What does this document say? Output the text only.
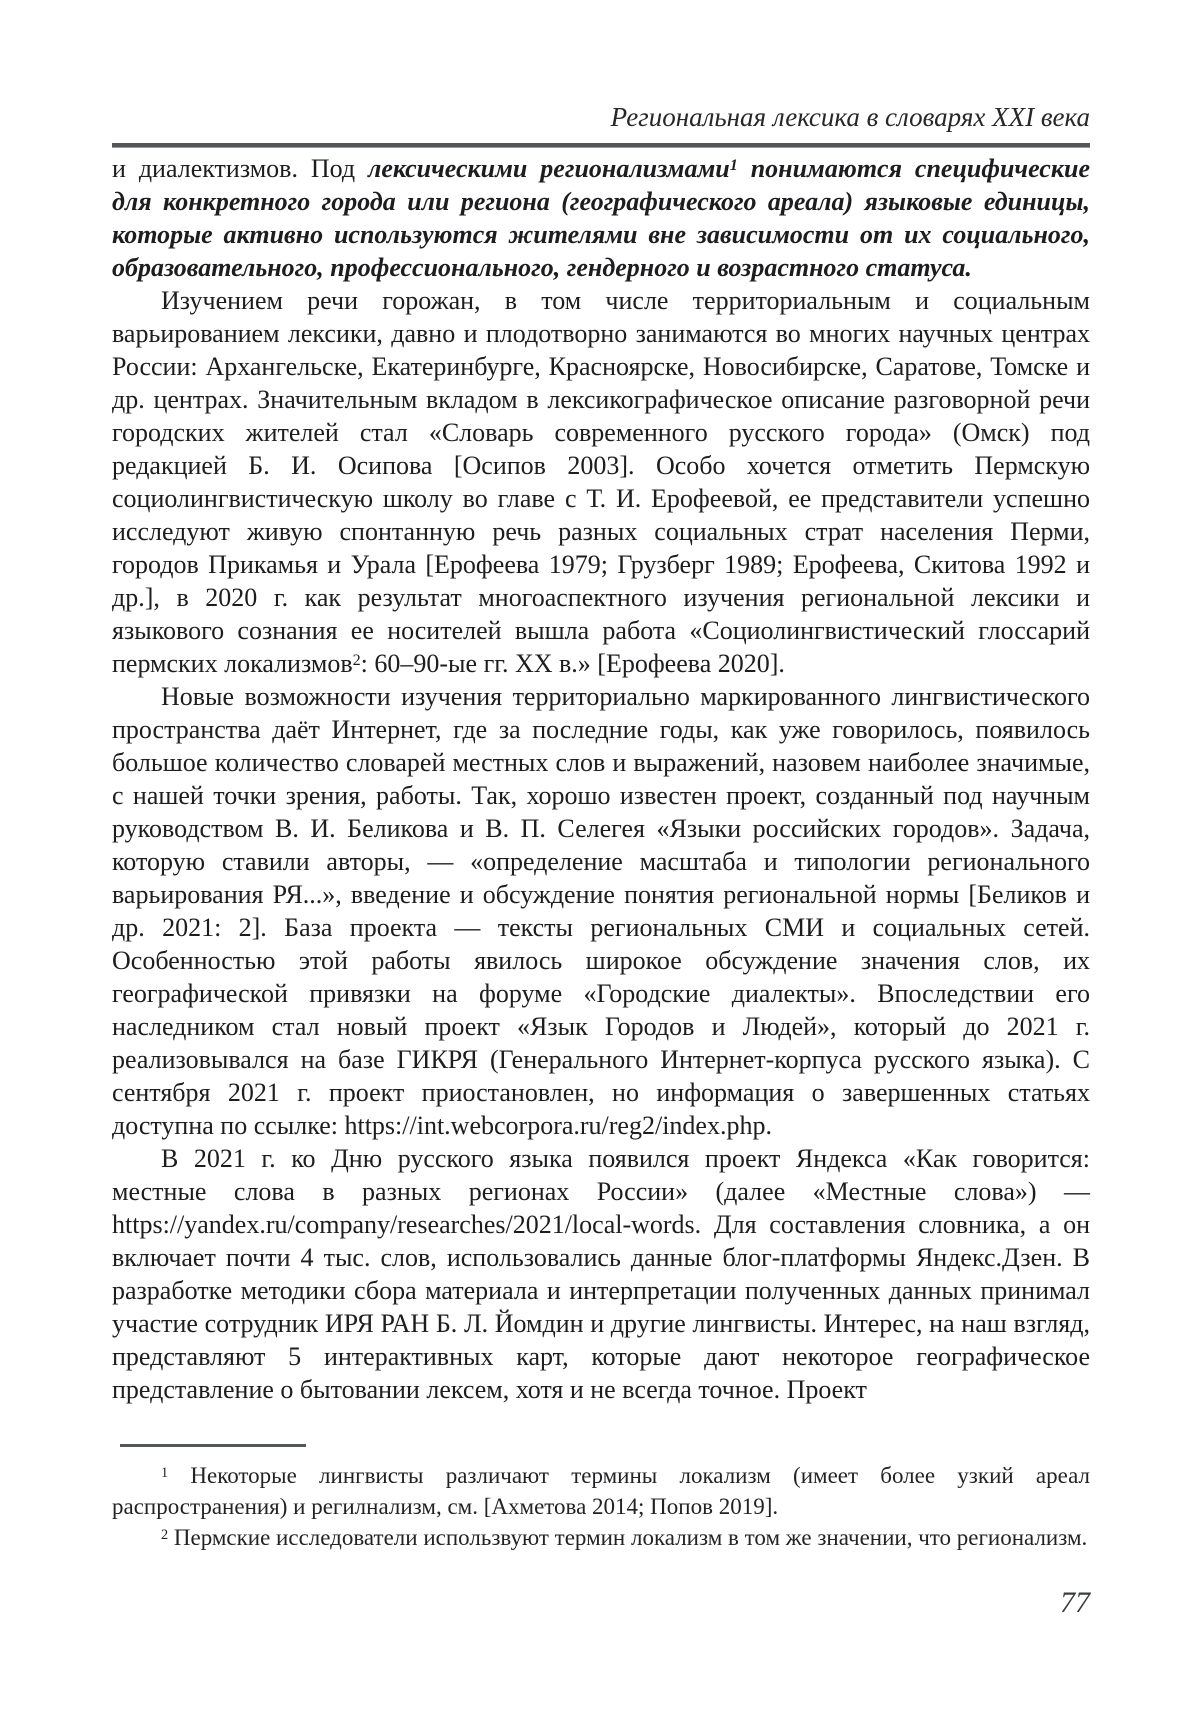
Региональная лексика в словарях XXI века

и диалектизмов. Под лексическими регионализмами$^1$ понимаются специфические для конкретного города или региона (географического ареала) языковые единицы, которые активно используются жителями вне зависимости от их социального, образовательного, профессионального, гендерного и возрастного статуса.

Изучением речи горожан, в том числе территориальным и социальным варьированием лексики, давно и плодотворно занимаются во многих научных центрах России: Архангельске, Екатеринбурге, Красноярске, Новосибирске, Саратове, Томске и др. центрах. Значительным вкладом в лексикографическое описание разговорной речи городских жителей стал «Словарь современного русского города» (Омск) под редакцией Б. И. Осипова [Осипов 2003]. Особо хочется отметить Пермскую социолингвистическую школу во главе с Т. И. Ерофеевой, ее представители успешно исследуют живую спонтанную речь разных социальных страт населения Перми, городов Прикамья и Урала [Ерофеева 1979; Грузберг 1989; Ерофеева, Скитова 1992 и др.], в 2020 г. как результат многоаспектного изучения региональной лексики и языкового сознания ее носителей вышла работа «Социолингвистический глоссарий пермских локализмов$^2$: 60–90-ые гг. XX в.» [Ерофеева 2020].

Новые возможности изучения территориально маркированного лингвистического пространства даёт Интернет, где за последние годы, как уже говорилось, появилось большое количество словарей местных слов и выражений, назовем наиболее значимые, с нашей точки зрения, работы. Так, хорошо известен проект, созданный под научным руководством В. И. Беликова и В. П. Селегея «Языки российских городов». Задача, которую ставили авторы, — «определение масштаба и типологии регионального варьирования РЯ...», введение и обсуждение понятия региональной нормы [Беликов и др. 2021: 2]. База проекта — тексты региональных СМИ и социальных сетей. Особенностью этой работы явилось широкое обсуждение значения слов, их географической привязки на форуме «Городские диалекты». Впоследствии его наследником стал новый проект «Язык Городов и Людей», который до 2021 г. реализовывался на базе ГИКРЯ (Генерального Интернет-корпуса русского языка). С сентября 2021 г. проект приостановлен, но информация о завершенных статьях доступна по ссылке: https://int.webcorpora.ru/reg2/index.php.

В 2021 г. ко Дню русского языка появился проект Яндекса «Как говорится: местные слова в разных регионах России» (далее «Местные слова») — https://yandex.ru/company/researches/2021/local-words. Для составления словника, а он включает почти 4 тыс. слов, использовались данные блог-платформы Яндекс.Дзен. В разработке методики сбора материала и интерпретации полученных данных принимал участие сотрудник ИРЯ РАН Б. Л. Йомдин и другие лингвисты. Интерес, на наш взгляд, представляют 5 интерактивных карт, которые дают некоторое географическое представление о бытовании лексем, хотя и не всегда точное. Проект

$^1$ Некоторые лингвисты различают термины локализм (имеет более узкий ареал распространения) и регилнализм, см. [Ахметова 2014; Попов 2019].

$^2$ Пермские исследователи использвуют термин локализм в том же значении, что регионализм.

77
